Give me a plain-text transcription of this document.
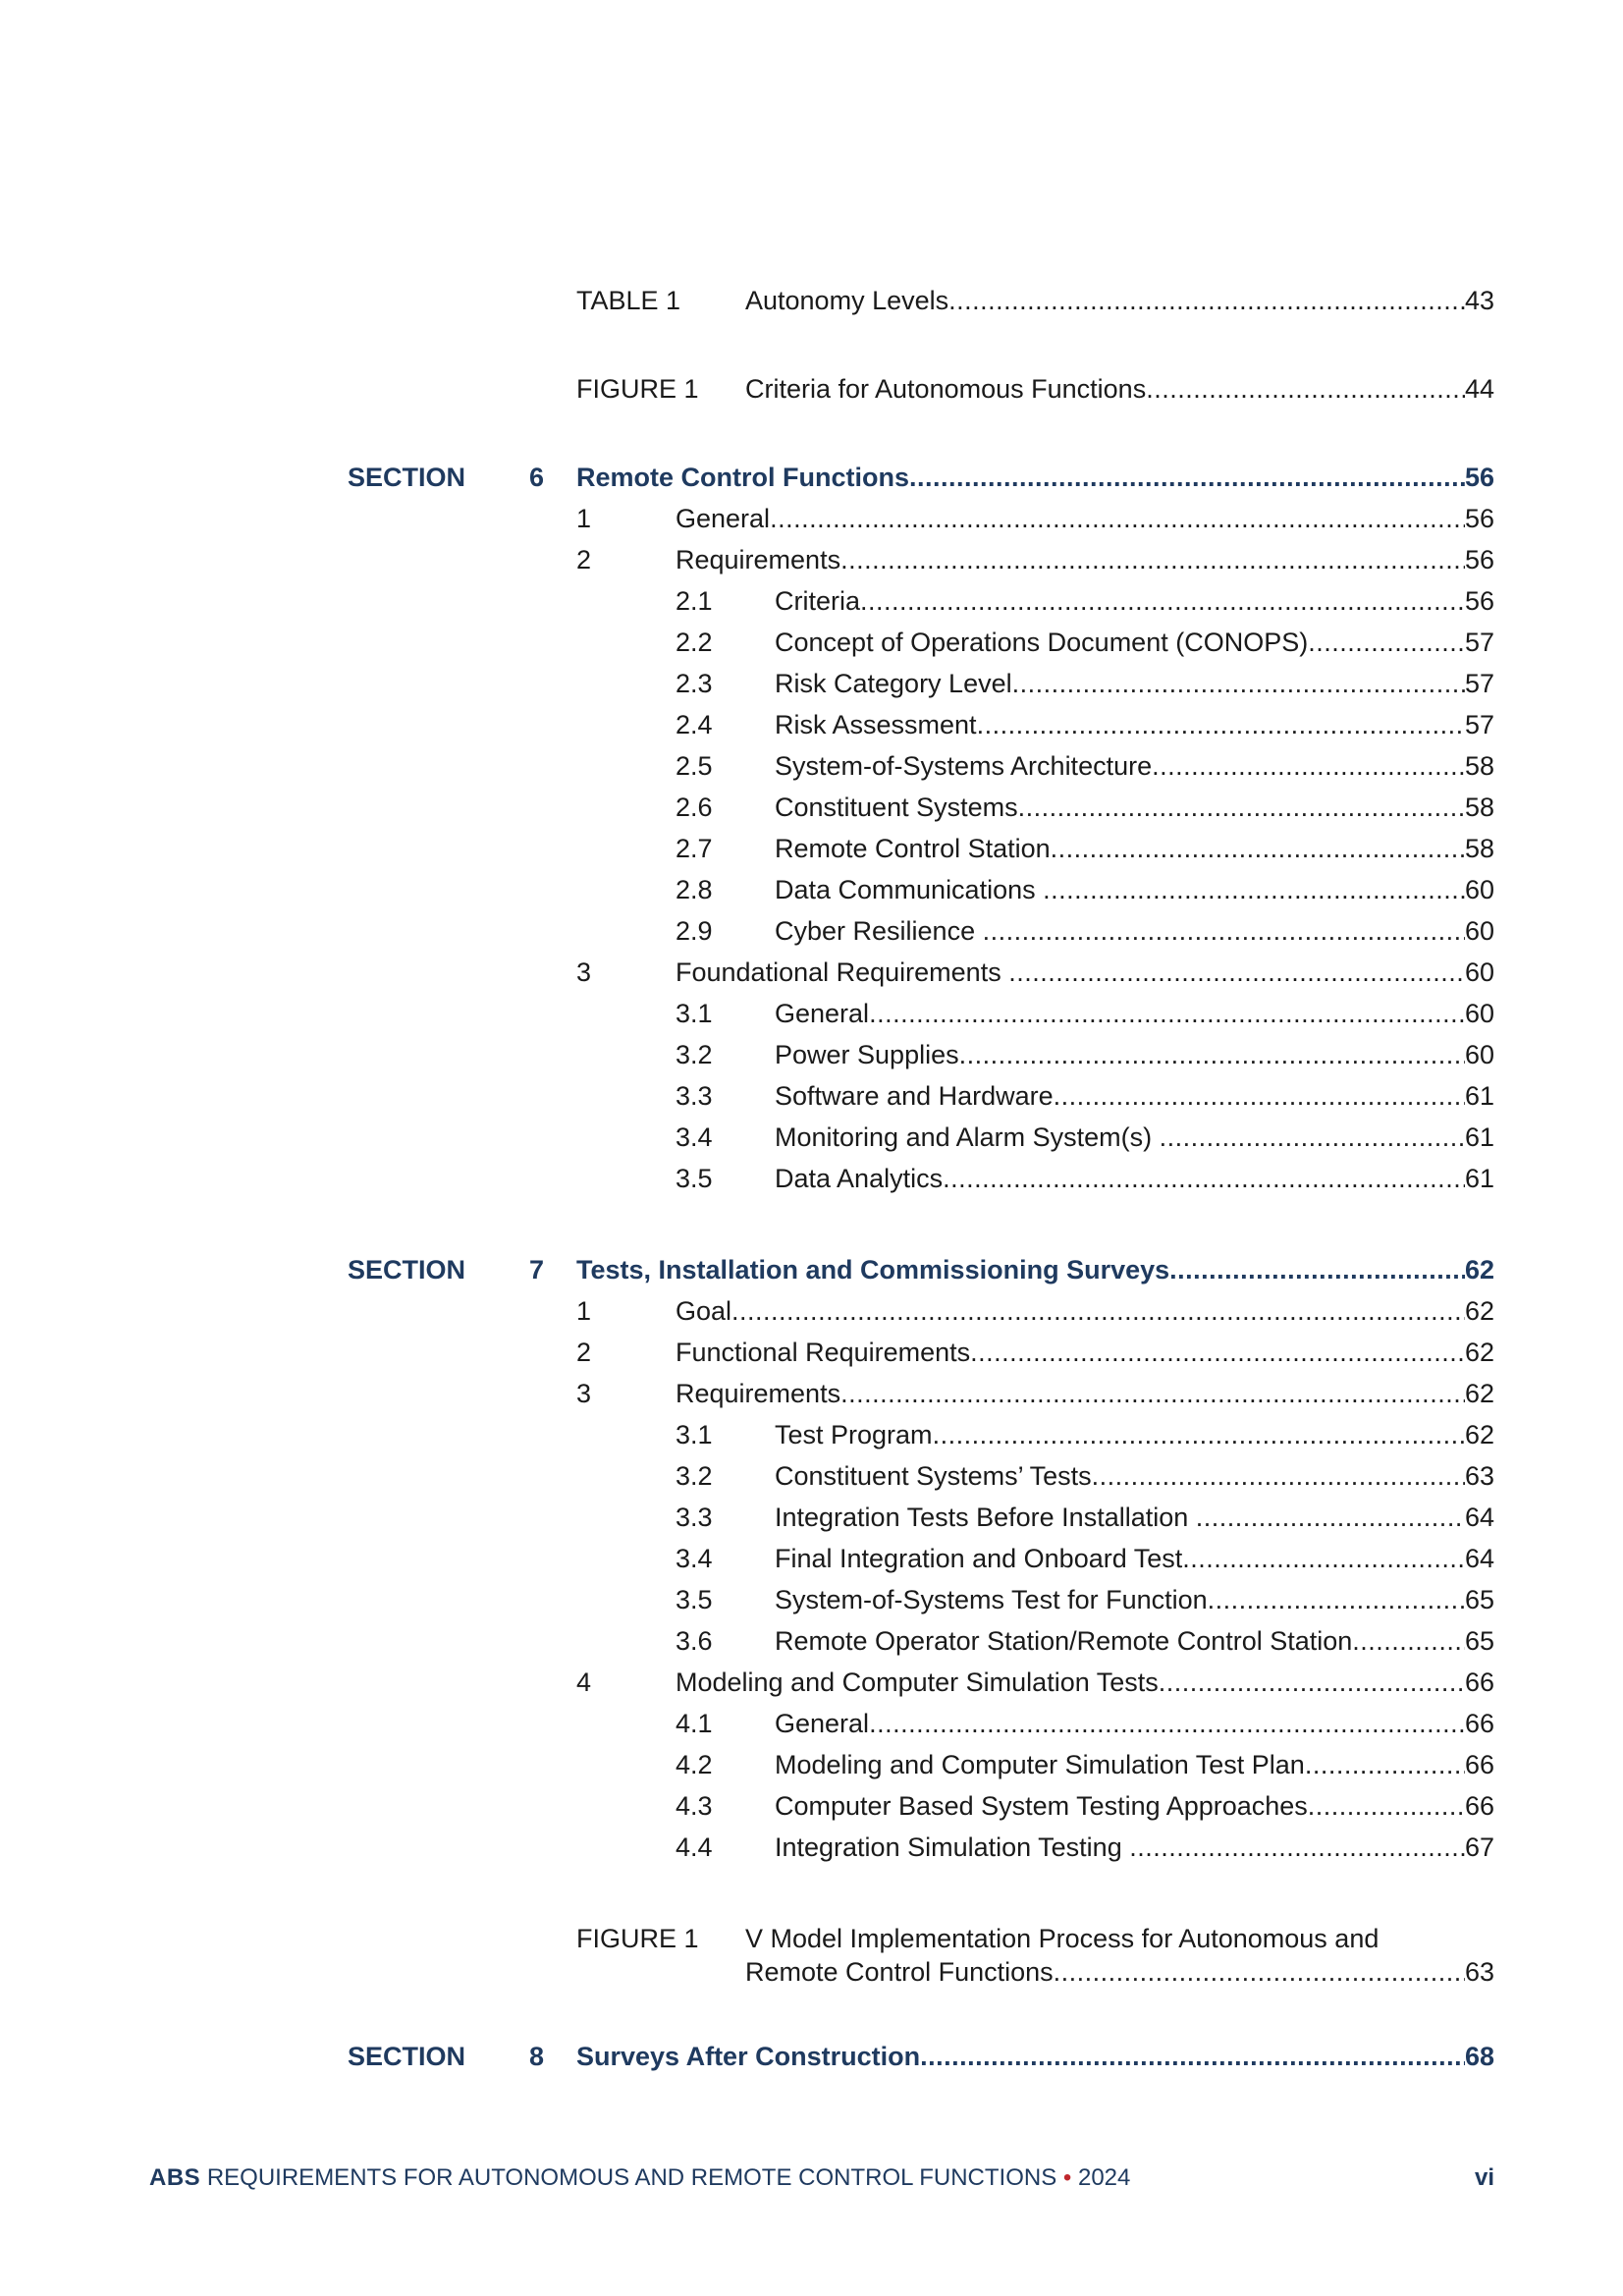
TABLE 1 Autonomy Levels .....	43
FIGURE 1 Criteria for Autonomous Functions .....	44
SECTION 6 Remote Control Functions .....	56
1	General .....	56
2	Requirements .....	56
2.1 Criteria .....	56
2.2 Concept of Operations Document (CONOPS) .....	57
2.3 Risk Category Level .....	57
2.4 Risk Assessment .....	57
2.5 System-of-Systems Architecture .....	58
2.6 Constituent Systems .....	58
2.7 Remote Control Station .....	58
2.8 Data Communications .....	60
2.9 Cyber Resilience .....	60
3	Foundational Requirements .....	60
3.1 General .....	60
3.2 Power Supplies .....	60
3.3 Software and Hardware .....	61
3.4 Monitoring and Alarm System(s) .....	61
3.5 Data Analytics .....	61
SECTION 7 Tests, Installation and Commissioning Surveys .....	62
1	Goal .....	62
2	Functional Requirements .....	62
3	Requirements .....	62
3.1 Test Program .....	62
3.2 Constituent Systems’ Tests .....	63
3.3 Integration Tests Before Installation .....	64
3.4 Final Integration and Onboard Test .....	64
3.5 System-of-Systems Test for Function .....	65
3.6 Remote Operator Station/Remote Control Station .....	65
4	Modeling and Computer Simulation Tests .....	66
4.1 General .....	66
4.2 Modeling and Computer Simulation Test Plan .....	66
4.3 Computer Based System Testing Approaches .....	66
4.4 Integration Simulation Testing .....	67
FIGURE 1 V Model Implementation Process for Autonomous and
Remote Control Functions .....	63
SECTION 8 Surveys After Construction .....	68
ABS REQUIREMENTS FOR AUTONOMOUS AND REMOTE CONTROL FUNCTIONS • 2024	vi
